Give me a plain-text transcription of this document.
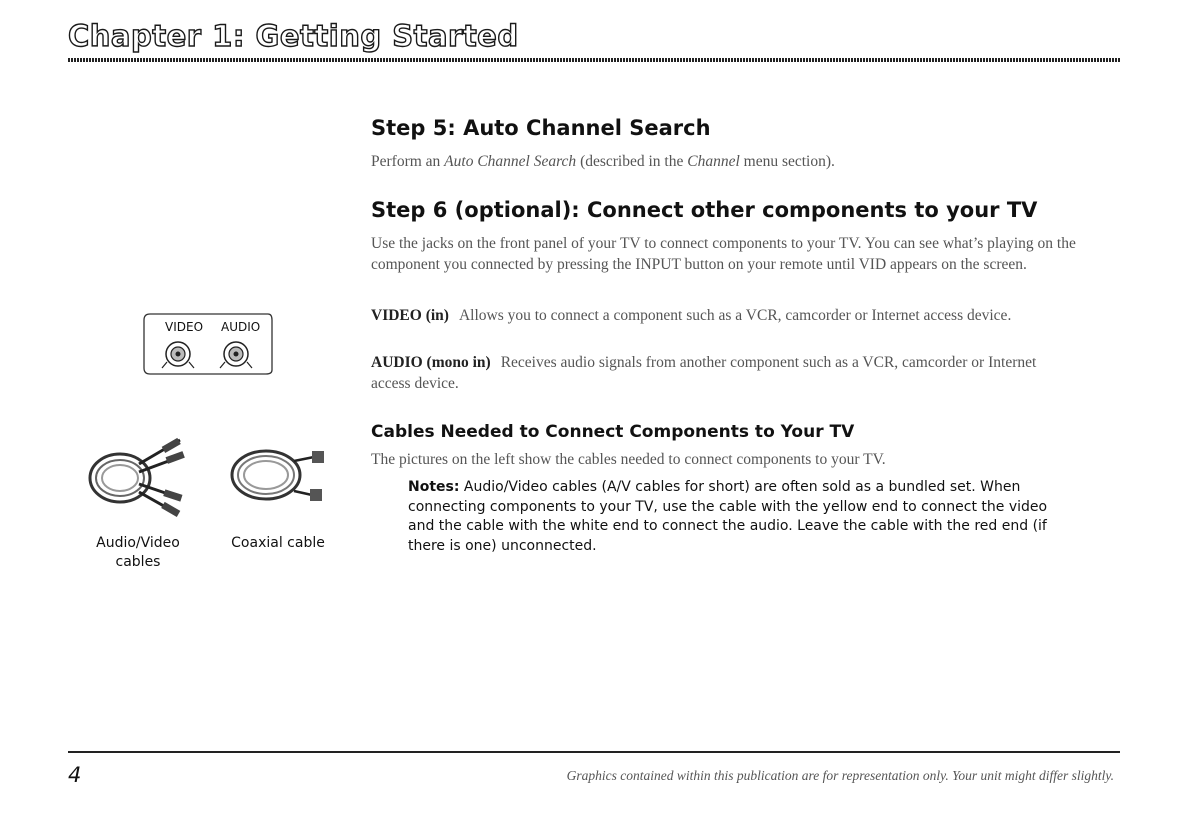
Chapter 1: Getting Started
Step 5: Auto Channel Search
Perform an Auto Channel Search (described in the Channel menu section).
Step 6 (optional): Connect other components to your TV
Use the jacks on the front panel of your TV to connect components to your TV. You can see what’s playing on the component you connected by pressing the INPUT button on your remote until VID appears on the screen.
VIDEO (in) Allows you to connect a component such as a VCR, camcorder or Internet access device.
AUDIO (mono in) Receives audio signals from another component such as a VCR, camcorder or Internet access device.
Cables Needed to Connect Components to Your TV
The pictures on the left show the cables needed to connect components to your TV.
Notes: Audio/Video cables (A/V cables for short) are often sold as a bundled set. When connecting components to your TV, use the cable with the yellow end to connect the video and the cable with the white end to connect the audio. Leave the cable with the red end (if there is one) unconnected.
VIDEO AUDIO
Audio/Video
cables
Coaxial cable
4	Graphics contained within this publication are for representation only. Your unit might differ slightly.
